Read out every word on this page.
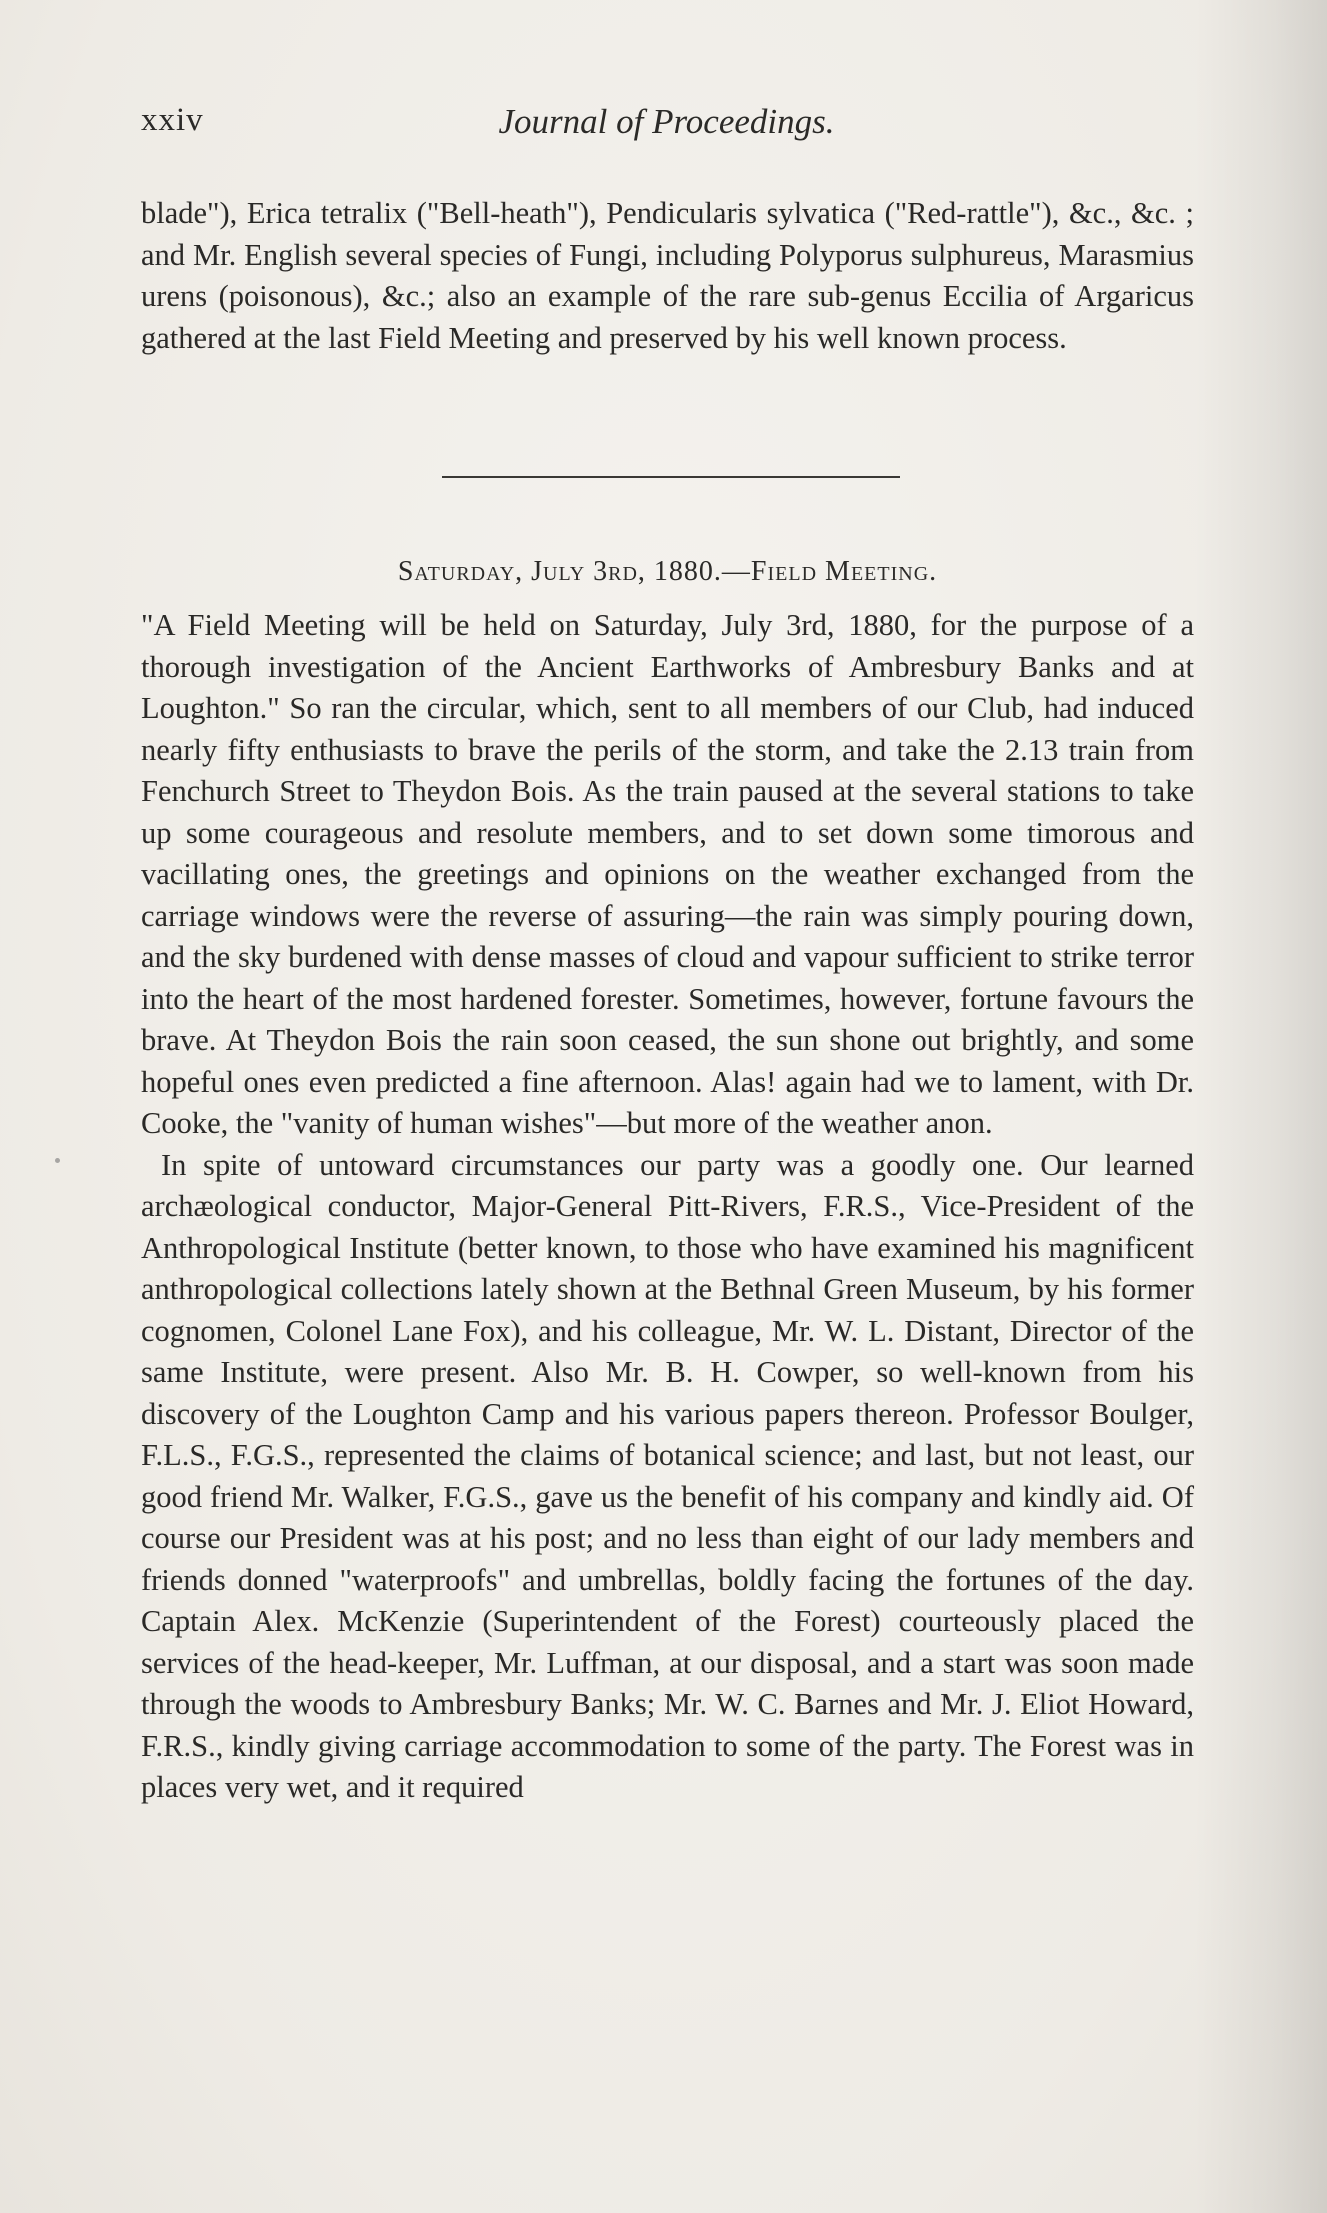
xxiv	Journal of Proceedings.

blade"), Erica tetralix ("Bell-heath"), Pendicularis sylvatica ("Red-rattle"), &c., &c. ; and Mr. English several species of Fungi, including Polyporus sulphureus, Marasmius urens (poisonous), &c.; also an example of the rare sub-genus Eccilia of Argaricus gathered at the last Field Meeting and preserved by his well known process.

Saturday, July 3rd, 1880.—Field Meeting.

"A Field Meeting will be held on Saturday, July 3rd, 1880, for the purpose of a thorough investigation of the Ancient Earthworks of Ambresbury Banks and at Loughton." So ran the circular, which, sent to all members of our Club, had induced nearly fifty enthusiasts to brave the perils of the storm, and take the 2.13 train from Fenchurch Street to Theydon Bois. As the train paused at the several stations to take up some courageous and resolute members, and to set down some timorous and vacillating ones, the greetings and opinions on the weather exchanged from the carriage windows were the reverse of assuring—the rain was simply pouring down, and the sky burdened with dense masses of cloud and vapour sufficient to strike terror into the heart of the most hardened forester. Sometimes, however, fortune favours the brave. At Theydon Bois the rain soon ceased, the sun shone out brightly, and some hopeful ones even predicted a fine afternoon. Alas! again had we to lament, with Dr. Cooke, the "vanity of human wishes"—but more of the weather anon.

In spite of untoward circumstances our party was a goodly one. Our learned archæological conductor, Major-General Pitt-Rivers, F.R.S., Vice-President of the Anthropological Institute (better known, to those who have examined his magnificent anthropological collections lately shown at the Bethnal Green Museum, by his former cognomen, Colonel Lane Fox), and his colleague, Mr. W. L. Distant, Director of the same Institute, were present. Also Mr. B. H. Cowper, so well-known from his discovery of the Loughton Camp and his various papers thereon. Professor Boulger, F.L.S., F.G.S., represented the claims of botanical science; and last, but not least, our good friend Mr. Walker, F.G.S., gave us the benefit of his company and kindly aid. Of course our President was at his post; and no less than eight of our lady members and friends donned "waterproofs" and umbrellas, boldly facing the fortunes of the day. Captain Alex. McKenzie (Superintendent of the Forest) courteously placed the services of the head-keeper, Mr. Luffman, at our disposal, and a start was soon made through the woods to Ambresbury Banks; Mr. W. C. Barnes and Mr. J. Eliot Howard, F.R.S., kindly giving carriage accommodation to some of the party. The Forest was in places very wet, and it required
